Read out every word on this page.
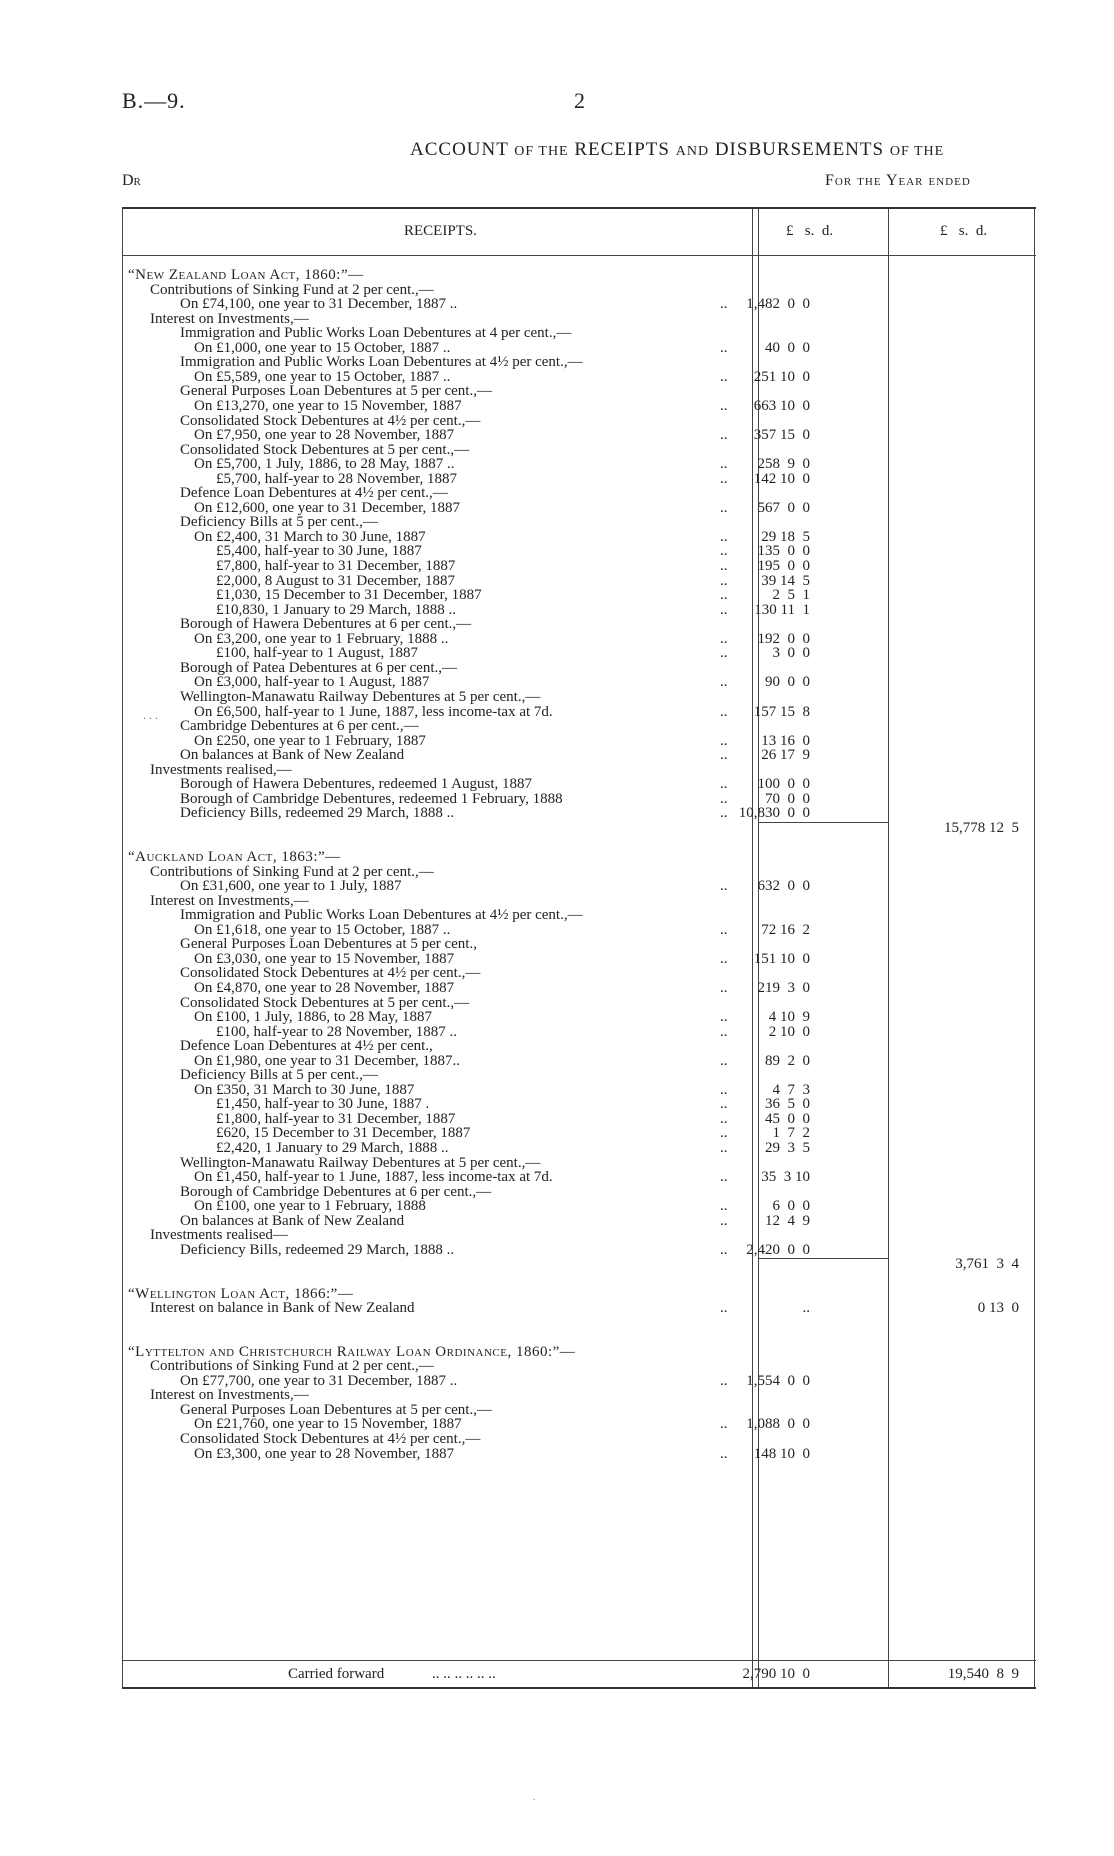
B.—9.	2
ACCOUNT OF THE RECEIPTS AND DISBURSEMENTS OF THE
Dr	For the Year ended
RECEIPTS.	£   s.  d.	£   s.  d.
“New Zealand Loan Act, 1860:”—
Contributions of Sinking Fund at 2 per cent.,—
On £74,100, one year to 31 December, 1887 ..	.. 1,482  0  0
Interest on Investments,—
Immigration and Public Works Loan Debentures at 4 per cent.,—
On £1,000, one year to 15 October, 1887 ..	..	40  0  0
Immigration and Public Works Loan Debentures at 4½ per cent.,—
On £5,589, one year to 15 October, 1887 ..	.. 251 10  0
General Purposes Loan Debentures at 5 per cent.,—
On £13,270, one year to 15 November, 1887	.. 663 10  0
Consolidated Stock Debentures at 4½ per cent.,—
On £7,950, one year to 28 November, 1887	.. 357 15  0
Consolidated Stock Debentures at 5 per cent.,—
On £5,700, 1 July, 1886, to 28 May, 1887 ..	.. 258  9  0
£5,700, half-year to 28 November, 1887	.. 142 10  0
Defence Loan Debentures at 4½ per cent.,—
On £12,600, one year to 31 December, 1887	.. 567  0  0
Deficiency Bills at 5 per cent.,—
On £2,400, 31 March to 30 June, 1887	.. 29 18  5
£5,400, half-year to 30 June, 1887	.. 135  0  0
£7,800, half-year to 31 December, 1887	.. 195  0  0
£2,000, 8 August to 31 December, 1887	.. 39 14  5
£1,030, 15 December to 31 December, 1887	..	2  5  1
£10,830, 1 January to 29 March, 1888 ..	.. 130 11  1
Borough of Hawera Debentures at 6 per cent.,—
On £3,200, one year to 1 February, 1888 ..	.. 192  0  0
£100, half-year to 1 August, 1887	..	3  0  0
Borough of Patea Debentures at 6 per cent.,—
On £3,000, half-year to 1 August, 1887	..	90  0  0
Wellington-Manawatu Railway Debentures at 5 per cent.,—
On £6,500, half-year to 1 June, 1887, less income-tax at 7d.	.. 157 15  8
Cambridge Debentures at 6 per cent.,—
On £250, one year to 1 February, 1887	.. 13 16  0
On balances at Bank of New Zealand	.. 26 17  9
Investments realised,—
Borough of Hawera Debentures, redeemed 1 August, 1887	.. 100  0  0
Borough of Cambridge Debentures, redeemed 1 February, 1888	..	70  0  0
Deficiency Bills, redeemed 29 March, 1888 ..	.. 10,830  0  0
15,778 12  5
“Auckland Loan Act, 1863:”—
Contributions of Sinking Fund at 2 per cent.,—
On £31,600, one year to 1 July, 1887	.. 632  0  0
Interest on Investments,—
Immigration and Public Works Loan Debentures at 4½ per cent.,—
On £1,618, one year to 15 October, 1887 ..	.. 72 16  2
General Purposes Loan Debentures at 5 per cent.,
On £3,030, one year to 15 November, 1887	.. 151 10  0
Consolidated Stock Debentures at 4½ per cent.,—
On £4,870, one year to 28 November, 1887	.. 219  3  0
Consolidated Stock Debentures at 5 per cent.,—
On £100, 1 July, 1886, to 28 May, 1887	..	4 10  9
£100, half-year to 28 November, 1887 ..	..	2 10  0
Defence Loan Debentures at 4½ per cent.,
On £1,980, one year to 31 December, 1887..	..	89  2  0
Deficiency Bills at 5 per cent.,—
On £350, 31 March to 30 June, 1887	..	4  7  3
£1,450, half-year to 30 June, 1887 .	..	36  5  0
£1,800, half-year to 31 December, 1887	..	45  0  0
£620, 15 December to 31 December, 1887	..	1  7  2
£2,420, 1 January to 29 March, 1888 ..	..	29  3  5
Wellington-Manawatu Railway Debentures at 5 per cent.,—
On £1,450, half-year to 1 June, 1887, less income-tax at 7d.	.. 35  3 10
Borough of Cambridge Debentures at 6 per cent.,—
On £100, one year to 1 February, 1888	..	6  0  0
On balances at Bank of New Zealand	..	12  4  9
Investments realised—
Deficiency Bills, redeemed 29 March, 1888 ..	.. 2,420  0  0
3,761  3  4
“Wellington Loan Act, 1866:”—
Interest on balance in Bank of New Zealand	..	..	0 13  0
“Lyttelton and Christchurch Railway Loan Ordinance, 1860:”—
Contributions of Sinking Fund at 2 per cent.,—
On £77,700, one year to 31 December, 1887 ..	.. 1,554  0  0
Interest on Investments,—
General Purposes Loan Debentures at 5 per cent.,—
On £21,760, one year to 15 November, 1887	.. 1,088  0  0
Consolidated Stock Debentures at 4½ per cent.,—
On £3,300, one year to 28 November, 1887	.. 148 10  0
Carried forward	.. .. .. .. .. ..	2,790 10  0	19,540  8  9
. . .
.
